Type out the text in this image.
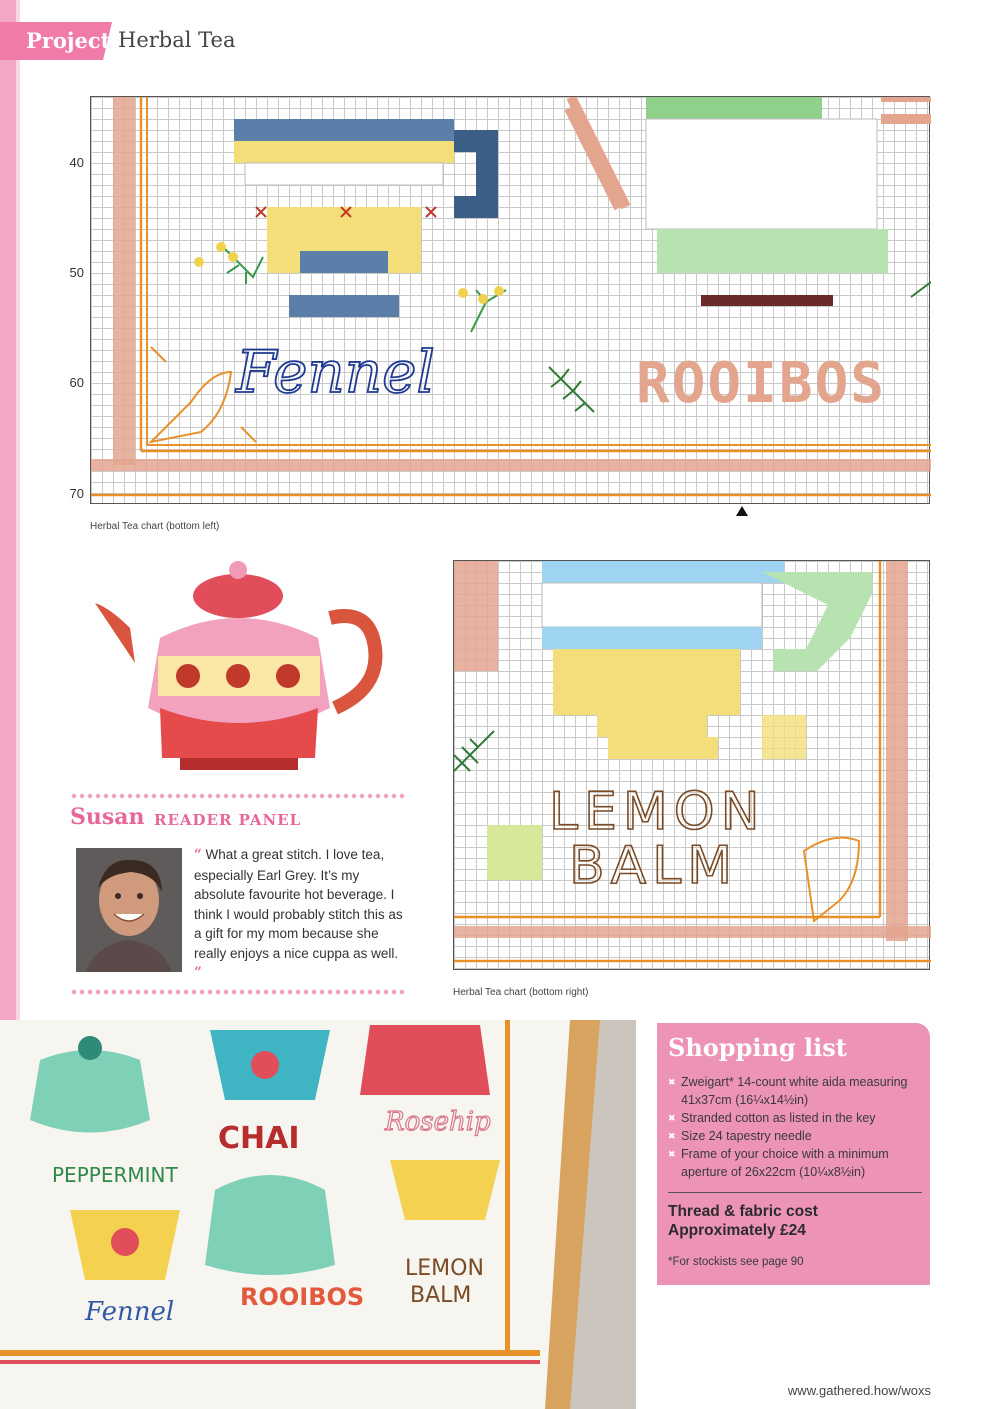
Project Herbal Tea
40
50
60
70
Fennel	ROOIBOS
Herbal Tea chart (bottom left)
LEMON
BALM
Herbal Tea chart (bottom right)
Susan READER PANEL
“ What a great stitch. I love tea, especially Earl Grey. It’s my absolute favourite hot beverage. I think I would probably stitch this as a gift for my mom because she really enjoys a nice cuppa as well. ”
PEPPERMINT
CHAI	Rosehip
Fennel	ROOIBOS
LEMON
BALM
Shopping list
✖ Zweigart* 14-count white aida measuring 41x37cm (16¼x14½in)
✖ Stranded cotton as listed in the key
✖ Size 24 tapestry needle
✖ Frame of your choice with a minimum aperture of 26x22cm (10¼x8½in)
Thread & fabric cost
Approximately £24
*For stockists see page 90
www.gathered.how/woxs
